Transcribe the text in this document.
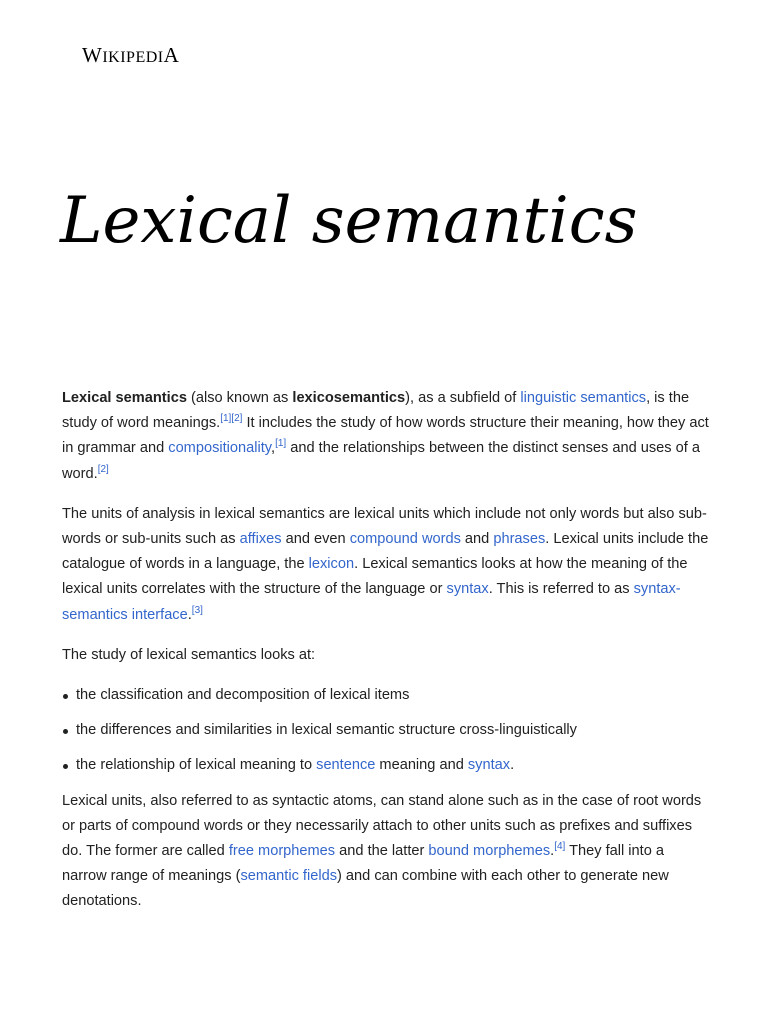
WIKIPEDIA
Lexical semantics

Lexical semantics (also known as lexicosemantics), as a subfield of linguistic semantics, is the study of word meanings.[1][2] It includes the study of how words structure their meaning, how they act in grammar and compositionality,[1] and the relationships between the distinct senses and uses of a word.[2]

The units of analysis in lexical semantics are lexical units which include not only words but also sub-words or sub-units such as affixes and even compound words and phrases. Lexical units include the catalogue of words in a language, the lexicon. Lexical semantics looks at how the meaning of the lexical units correlates with the structure of the language or syntax. This is referred to as syntax-semantics interface.[3]

The study of lexical semantics looks at:

the classification and decomposition of lexical items
the differences and similarities in lexical semantic structure cross-linguistically
the relationship of lexical meaning to sentence meaning and syntax.

Lexical units, also referred to as syntactic atoms, can stand alone such as in the case of root words or parts of compound words or they necessarily attach to other units such as prefixes and suffixes do. The former are called free morphemes and the latter bound morphemes.[4] They fall into a narrow range of meanings (semantic fields) and can combine with each other to generate new denotations.
